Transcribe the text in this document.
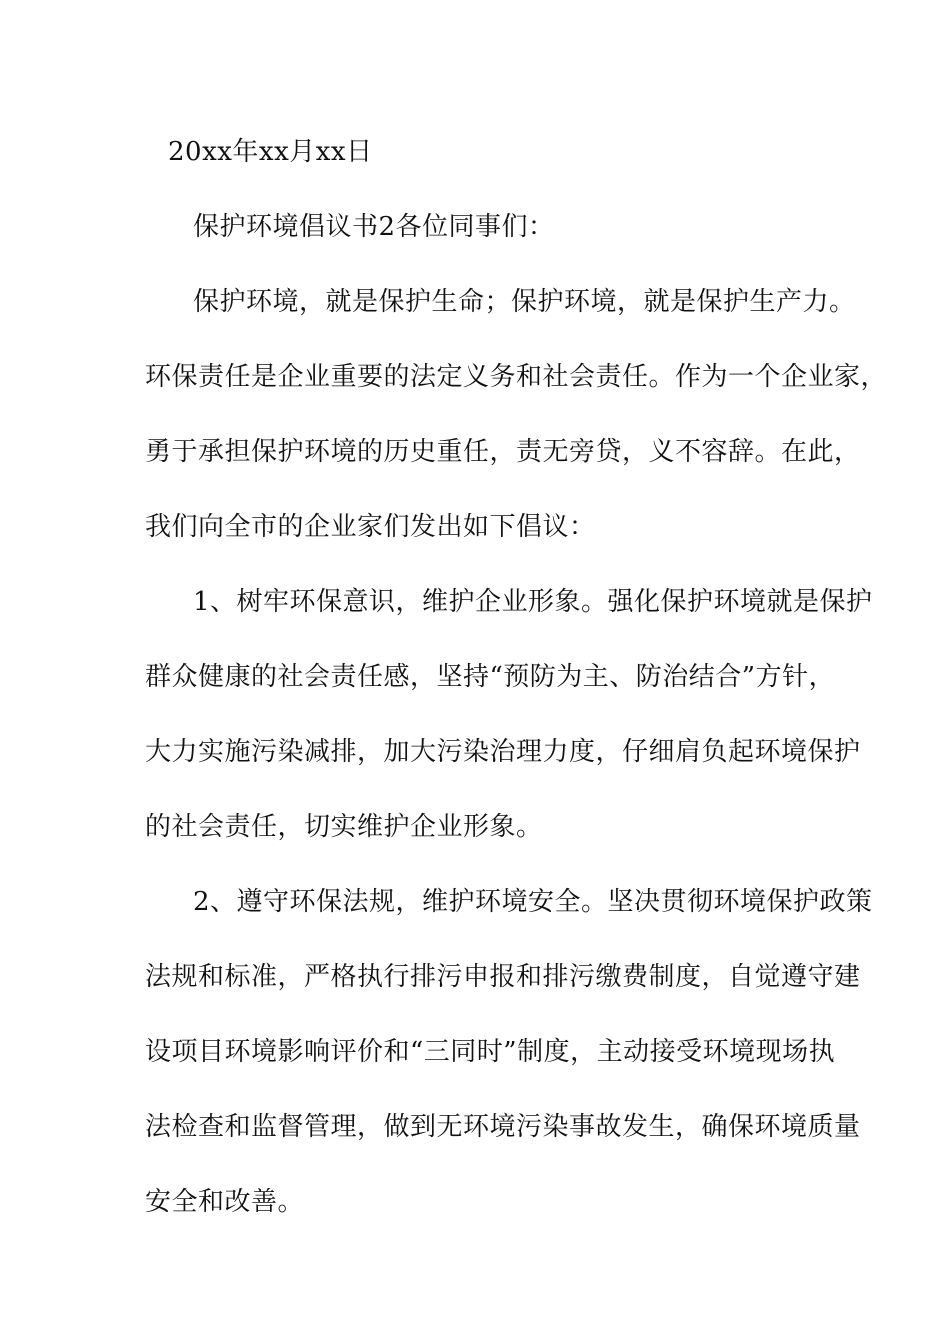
20xx年xx月xx日
保护环境倡议书2各位同事们：
保护环境，就是保护生命；保护环境，就是保护生产力。
环保责任是企业重要的法定义务和社会责任。作为一个企业家，
勇于承担保护环境的历史重任，责无旁贷，义不容辞。在此，
我们向全市的企业家们发出如下倡议：
1、树牢环保意识，维护企业形象。强化保护环境就是保护
群众健康的社会责任感，坚持“预防为主、防治结合”方针，
大力实施污染减排，加大污染治理力度，仔细肩负起环境保护
的社会责任，切实维护企业形象。
2、遵守环保法规，维护环境安全。坚决贯彻环境保护政策
法规和标准，严格执行排污申报和排污缴费制度，自觉遵守建
设项目环境影响评价和“三同时”制度，主动接受环境现场执
法检查和监督管理，做到无环境污染事故发生，确保环境质量
安全和改善。
